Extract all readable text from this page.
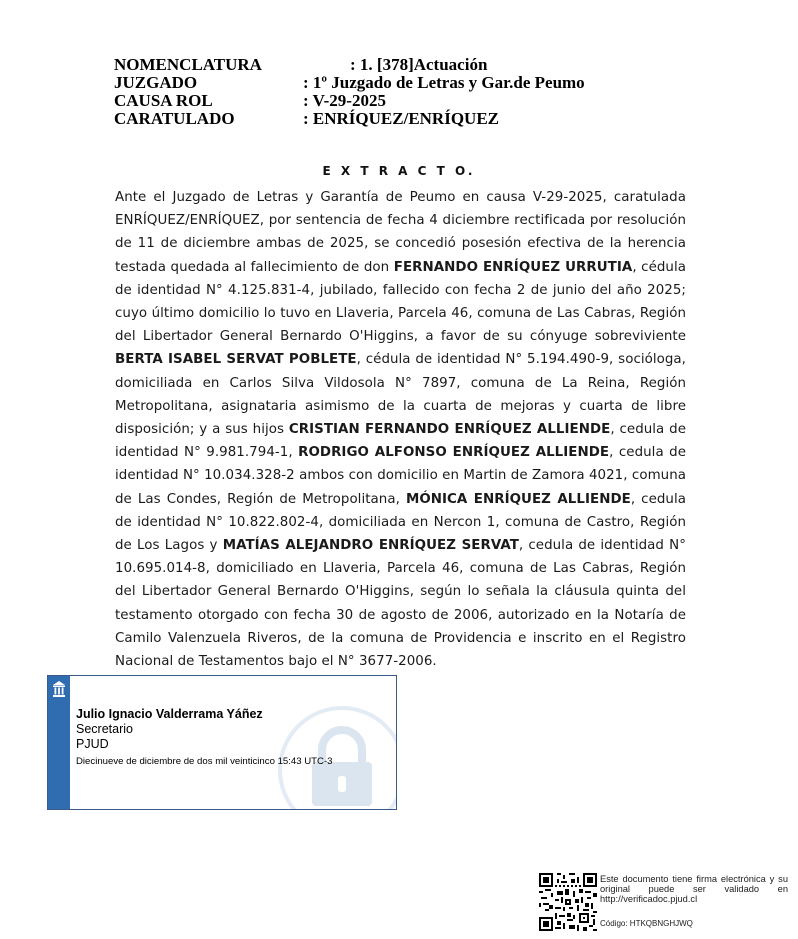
NOMENCLATURA	: 1. [378]Actuación
JUZGADO	: 1º Juzgado de Letras y Gar.de Peumo
CAUSA ROL	: V-29-2025
CARATULADO	: ENRÍQUEZ/ENRÍQUEZ
E X T R A C T O.
Ante el Juzgado de Letras y Garantía de Peumo en causa V-29-2025, caratulada ENRÍQUEZ/ENRÍQUEZ, por sentencia de fecha 4 diciembre rectificada por resolución de 11 de diciembre ambas de 2025, se concedió posesión efectiva de la herencia testada quedada al fallecimiento de don FERNANDO ENRÍQUEZ URRUTIA, cédula de identidad N° 4.125.831-4, jubilado, fallecido con fecha 2 de junio del año 2025; cuyo último domicilio lo tuvo en Llaveria, Parcela 46, comuna de Las Cabras, Región del Libertador General Bernardo O'Higgins, a favor de su cónyuge sobreviviente BERTA ISABEL SERVAT POBLETE, cédula de identidad N° 5.194.490-9, socióloga, domiciliada en Carlos Silva Vildosola N° 7897, comuna de La Reina, Región Metropolitana, asignataria asimismo de la cuarta de mejoras y cuarta de libre disposición; y a sus hijos CRISTIAN FERNANDO ENRÍQUEZ ALLIENDE, cedula de identidad N° 9.981.794-1, RODRIGO ALFONSO ENRÍQUEZ ALLIENDE, cedula de identidad N° 10.034.328-2 ambos con domicilio en Martin de Zamora 4021, comuna de Las Condes, Región de Metropolitana, MÓNICA ENRÍQUEZ ALLIENDE, cedula de identidad N° 10.822.802-4, domiciliada en Nercon 1, comuna de Castro, Región de Los Lagos y MATÍAS ALEJANDRO ENRÍQUEZ SERVAT, cedula de identidad N° 10.695.014-8, domiciliado en Llaveria, Parcela 46, comuna de Las Cabras, Región del Libertador General Bernardo O'Higgins, según lo señala la cláusula quinta del testamento otorgado con fecha 30 de agosto de 2006, autorizado en la Notaría de Camilo Valenzuela Riveros, de la comuna de Providencia e inscrito en el Registro Nacional de Testamentos bajo el N° 3677-2006.
Julio Ignacio Valderrama Yáñez
Secretario
PJUD
Diecinueve de diciembre de dos mil veinticinco 15:43 UTC-3
Este documento tiene firma electrónica y su original puede ser validado en http://verificadoc.pjud.cl
Código: HTKQBNGHJWQ
